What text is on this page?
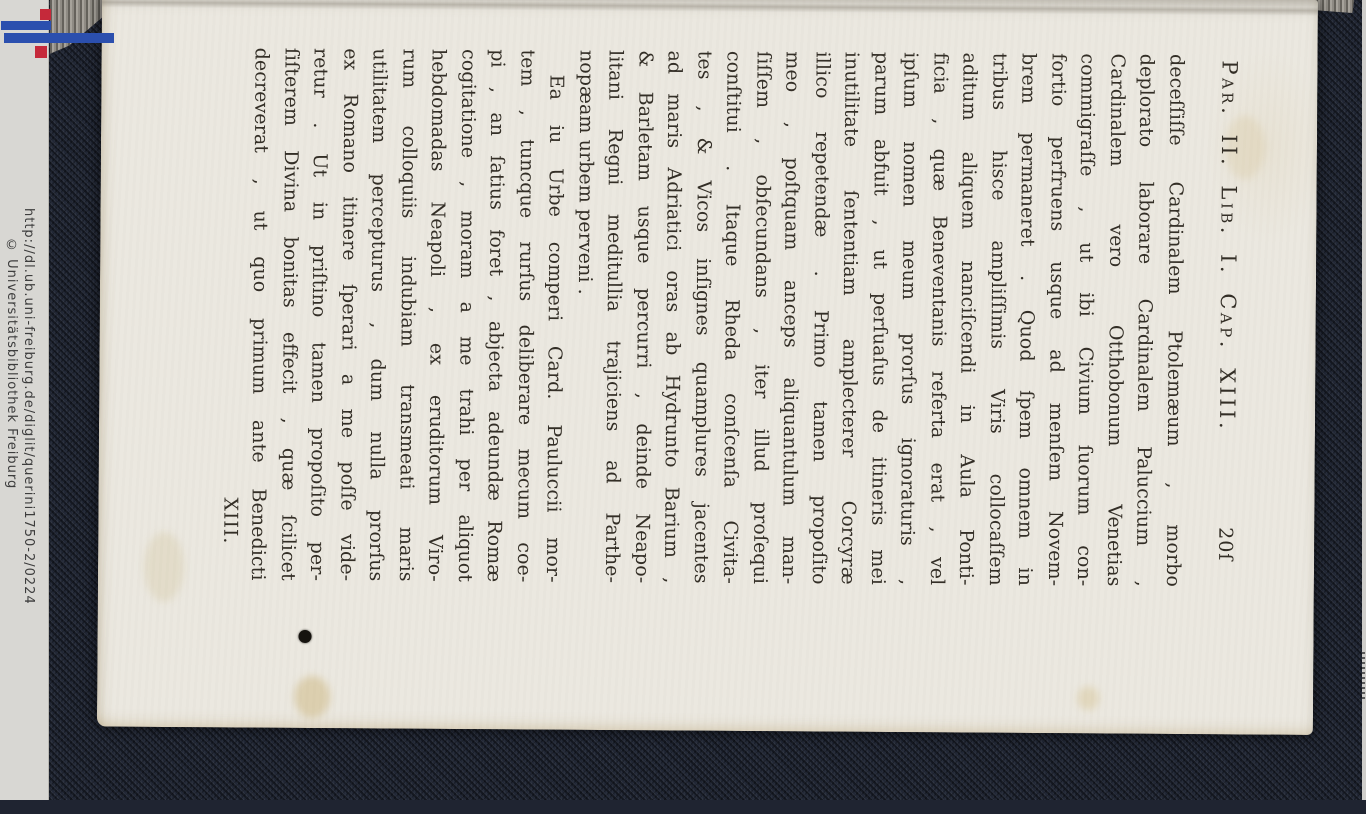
Par. II. Lib. I. Cap. XIII.
20ſ
deceſſiſſe Cardinalem Ptolemæum , morbo
deplorato laborare Cardinalem Paluccium ,
Cardinalem vero Otthobonum Venetias
commigraſſe , ut ibi Civium ſuorum con-
fortio perfruens usque ad menſem Novem-
brem permaneret . Quod ſpem omnem in
tribus hisce ampliſſimis Viris collocaſſem
aditum aliquem nanciſcendi in Aula Ponti-
ficia , quæ Beneventanis referta erat , vel
ipſum nomen meum prorſus ignoraturis ,
parum abfuit , ut perſuaſus de itineris mei
inutilitate ſententiam amplecterer Corcyræ
illico repetendæ . Primo tamen propoſito
meo , poſtquam anceps aliquantulum man-
ſiſſem , obſecundans , iter illud proſequi
conſtitui . Itaque Rheda conſcenſa Civita-
tes , & Vicos inſignes quamplures jacentes
ad maris Adriatici oras ab Hydrunto Barium ,
& Barletam usque percurri , deinde Neapo-
litani Regni meditullia trajiciens ad Parthe-
nopæam urbem perveni .
Ea iu Urbe comperi Card. Pauluccii mor-
tem , tuncque rurſus deliberare mecum coe-
pi , an ſatius foret , abjecta adeundæ Romæ
cogitatione , moram a me trahi per aliquot
hebdomadas Neapoli , ex eruditorum Viro-
rum colloquiis indubiam transmeati maris
utilitatem percepturus , dum nulla prorſus
ex Romano itinere ſperari a me poſſe vide-
retur . Ut in priſtino tamen propoſito per-
ſiſterem Divina bonitas effecit , quæ ſcilicet
decreverat , ut quo primum ante Benedicti
XIII.
http://dl.ub.uni-freiburg.de/diglit/querini1750-2/0224
© Universitätsbibliothek Freiburg
